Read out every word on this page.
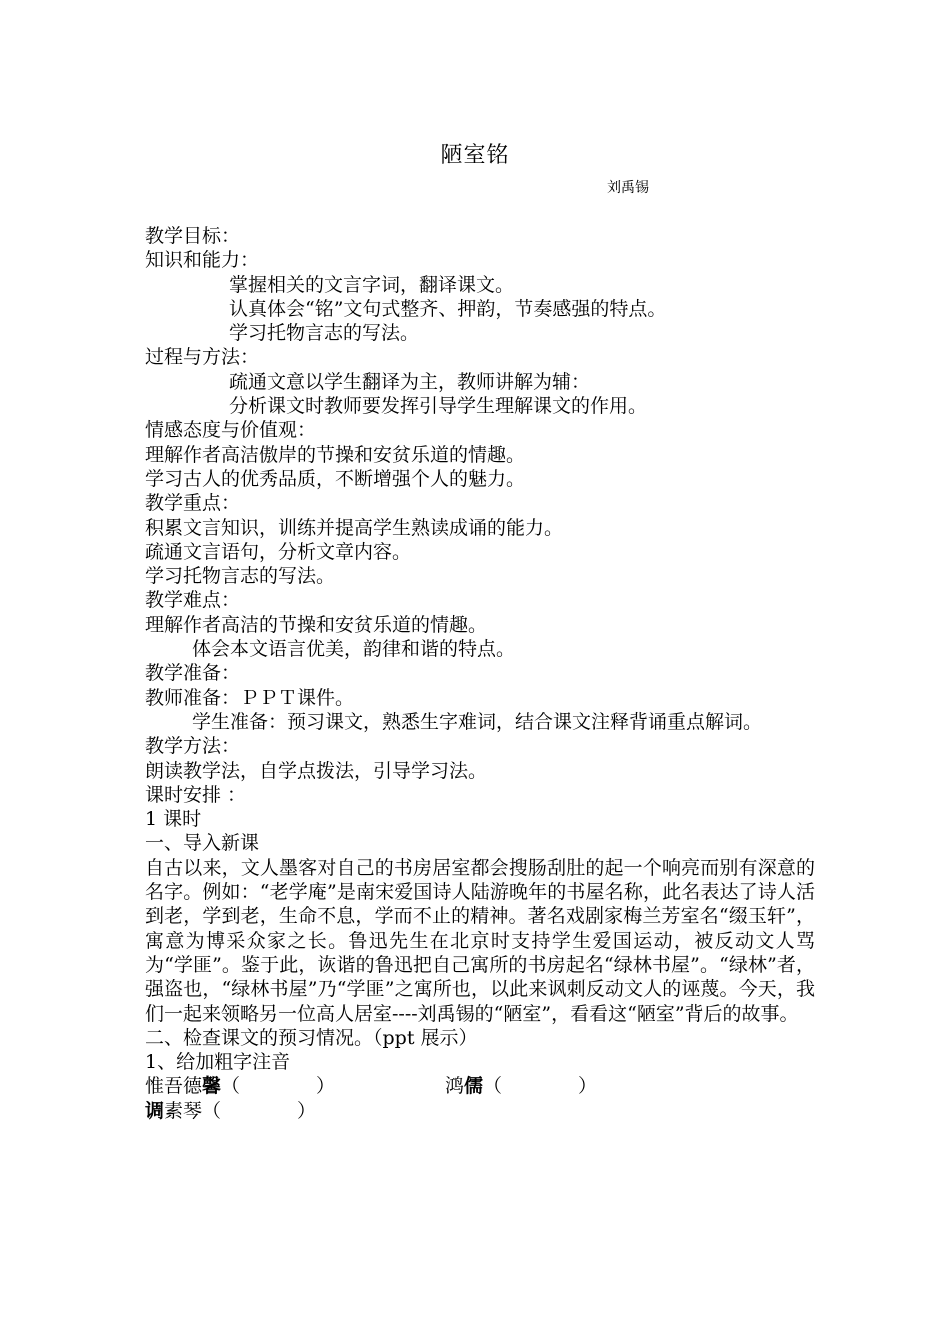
陋室铭
刘禹锡
教学目标：
知识和能力：
掌握相关的文言字词，翻译课文。
认真体会“铭”文句式整齐、押韵，节奏感强的特点。
学习托物言志的写法。
过程与方法：
疏通文意以学生翻译为主，教师讲解为辅：
分析课文时教师要发挥引导学生理解课文的作用。
情感态度与价值观：
理解作者高洁傲岸的节操和安贫乐道的情趣。
学习古人的优秀品质，不断增强个人的魅力。
教学重点：
积累文言知识，训练并提高学生熟读成诵的能力。
疏通文言语句，分析文章内容。
学习托物言志的写法。
教学难点：
理解作者高洁的节操和安贫乐道的情趣。
体会本文语言优美，韵律和谐的特点。
教学准备：
教师准备：ＰＰＴ课件。
学生准备：预习课文，熟悉生字难词，结合课文注释背诵重点解词。
教学方法：
朗读教学法，自学点拨法，引导学习法。
课时安排 ：
1 课时
一、导入新课
自古以来，文人墨客对自己的书房居室都会搜肠刮肚的起一个响亮而别有深意的名字。例如：“老学庵”是南宋爱国诗人陆游晚年的书屋名称，此名表达了诗人活到老，学到老，生命不息，学而不止的精神。著名戏剧家梅兰芳室名“缀玉轩”，寓意为博采众家之长。鲁迅先生在北京时支持学生爱国运动，被反动文人骂为“学匪”。鉴于此，诙谐的鲁迅把自己寓所的书房起名“绿林书屋”。“绿林”者，强盗也，“绿林书屋”乃“学匪”之寓所也，以此来讽刺反动文人的诬蔑。今天，我们一起来领略另一位高人居室----刘禹锡的“陋室”，看看这“陋室”背后的故事。
二、检查课文的预习情况。（ppt 展示）
1、给加粗字注音
惟吾德馨（　　　　）	鸿儒（　　　　）
调素琴（　　　　）
